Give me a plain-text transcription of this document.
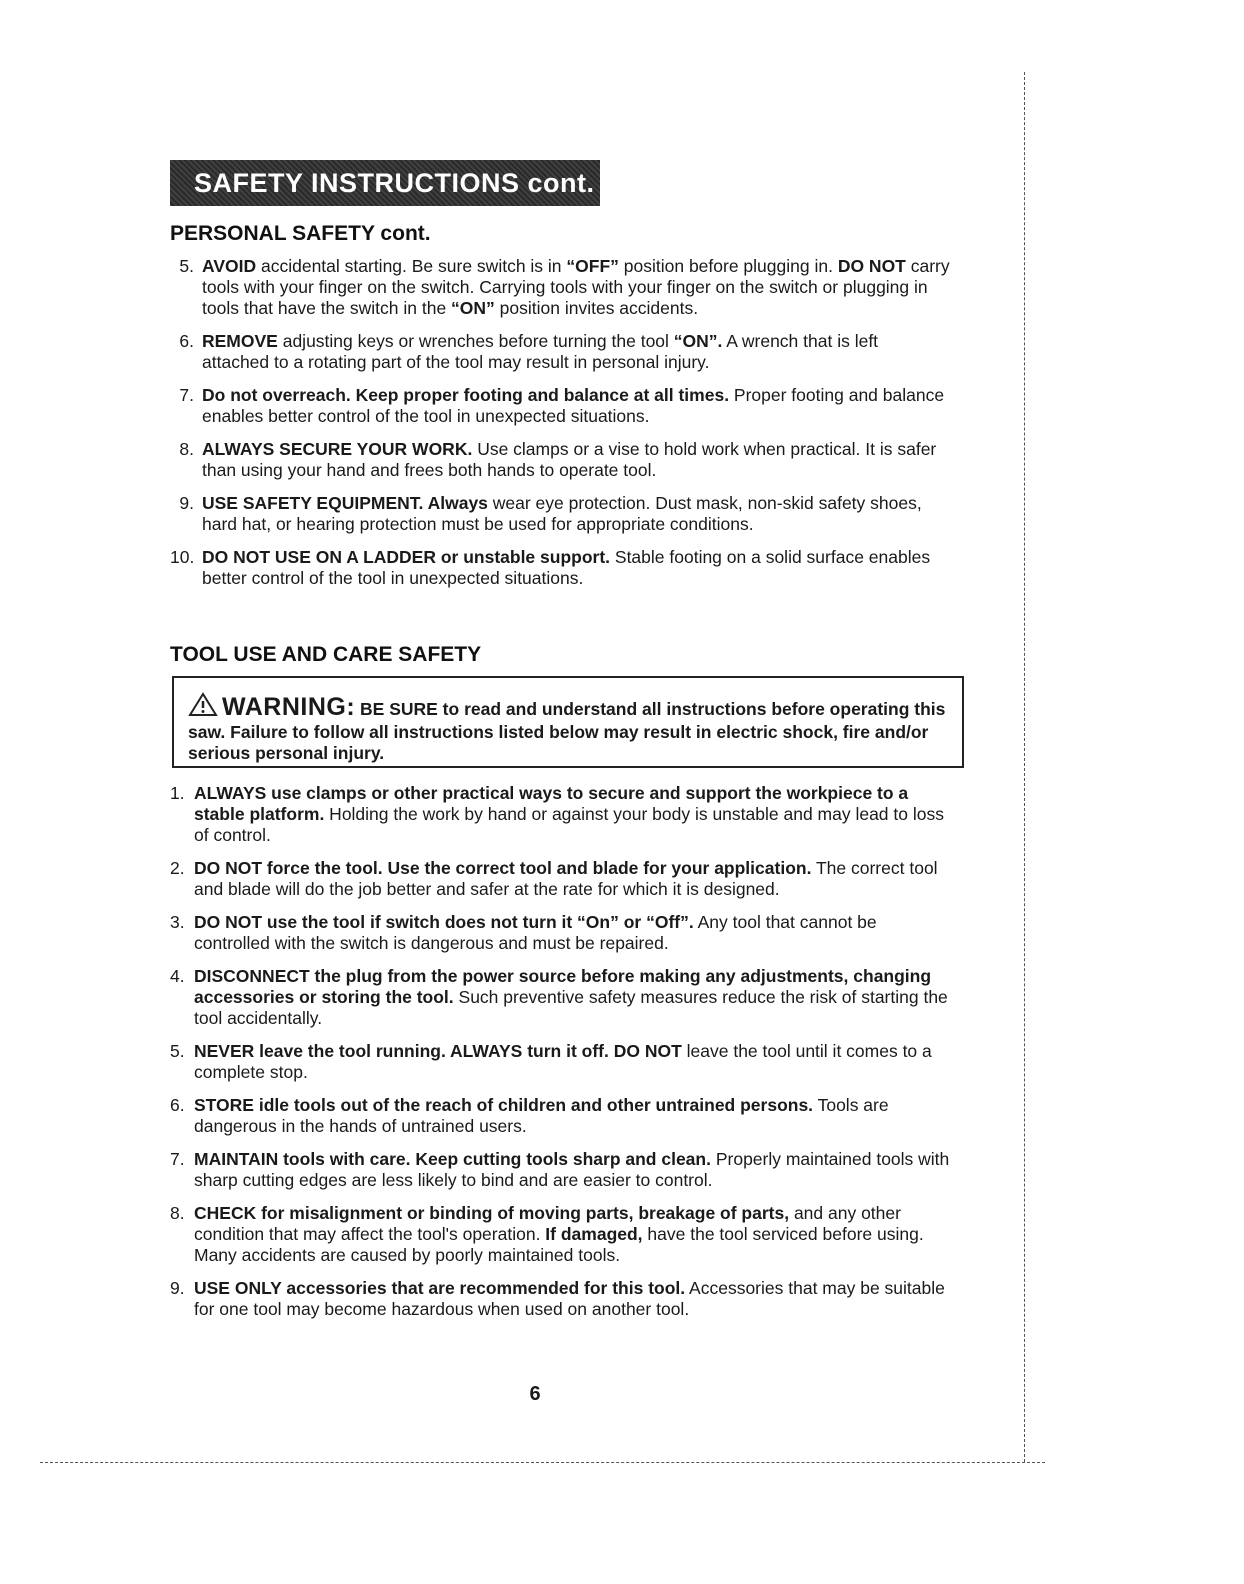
SAFETY INSTRUCTIONS cont.
PERSONAL SAFETY cont.
5. AVOID accidental starting. Be sure switch is in “OFF” position before plugging in. DO NOT carry tools with your finger on the switch. Carrying tools with your finger on the switch or plugging in tools that have the switch in the “ON” position invites accidents.
6. REMOVE adjusting keys or wrenches before turning the tool “ON”. A wrench that is left attached to a rotating part of the tool may result in personal injury.
7. Do not overreach. Keep proper footing and balance at all times. Proper footing and balance enables better control of the tool in unexpected situations.
8. ALWAYS SECURE YOUR WORK. Use clamps or a vise to hold work when practical. It is safer than using your hand and frees both hands to operate tool.
9. USE SAFETY EQUIPMENT. Always wear eye protection. Dust mask, non-skid safety shoes, hard hat, or hearing protection must be used for appropriate conditions.
10. DO NOT USE ON A LADDER or unstable support. Stable footing on a solid surface enables better control of the tool in unexpected situations.
TOOL USE AND CARE SAFETY
WARNING: BE SURE to read and understand all instructions before operating this saw. Failure to follow all instructions listed below may result in electric shock, fire and/or serious personal injury.
1. ALWAYS use clamps or other practical ways to secure and support the workpiece to a stable platform. Holding the work by hand or against your body is unstable and may lead to loss of control.
2. DO NOT force the tool. Use the correct tool and blade for your application. The correct tool and blade will do the job better and safer at the rate for which it is designed.
3. DO NOT use the tool if switch does not turn it “On” or “Off”. Any tool that cannot be controlled with the switch is dangerous and must be repaired.
4. DISCONNECT the plug from the power source before making any adjustments, changing accessories or storing the tool. Such preventive safety measures reduce the risk of starting the tool accidentally.
5. NEVER leave the tool running. ALWAYS turn it off. DO NOT leave the tool until it comes to a complete stop.
6. STORE idle tools out of the reach of children and other untrained persons. Tools are dangerous in the hands of untrained users.
7. MAINTAIN tools with care. Keep cutting tools sharp and clean. Properly maintained tools with sharp cutting edges are less likely to bind and are easier to control.
8. CHECK for misalignment or binding of moving parts, breakage of parts, and any other condition that may affect the tool's operation. If damaged, have the tool serviced before using. Many accidents are caused by poorly maintained tools.
9. USE ONLY accessories that are recommended for this tool. Accessories that may be suitable for one tool may become hazardous when used on another tool.
6
